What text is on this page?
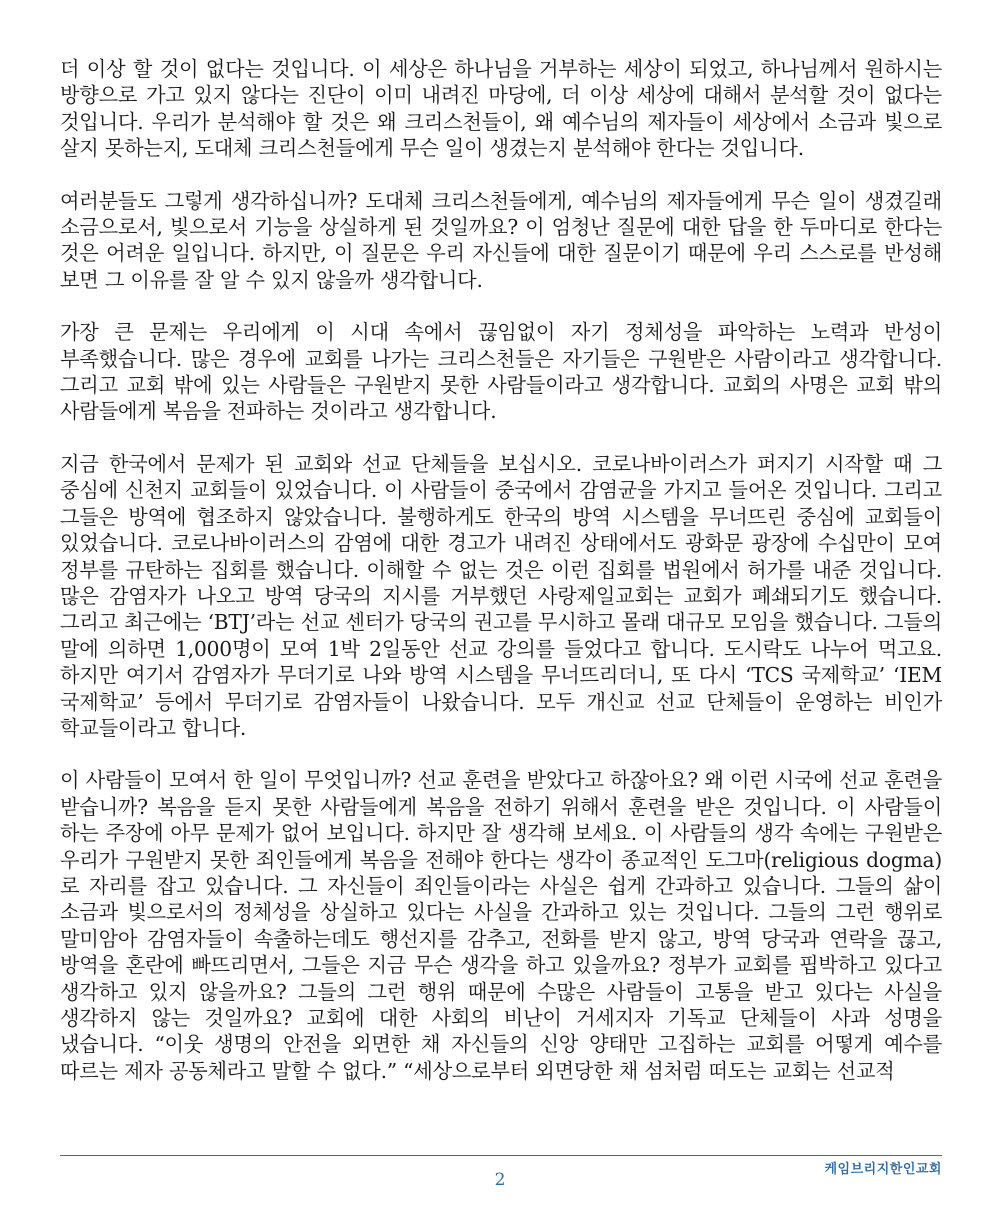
더 이상 할 것이 없다는 것입니다. 이 세상은 하나님을 거부하는 세상이 되었고, 하나님께서 원하시는 방향으로 가고 있지 않다는 진단이 이미 내려진 마당에, 더 이상 세상에 대해서 분석할 것이 없다는 것입니다. 우리가 분석해야 할 것은 왜 크리스천들이, 왜 예수님의 제자들이 세상에서 소금과 빛으로 살지 못하는지, 도대체 크리스천들에게 무슨 일이 생겼는지 분석해야 한다는 것입니다.

여러분들도 그렇게 생각하십니까? 도대체 크리스천들에게, 예수님의 제자들에게 무슨 일이 생겼길래 소금으로서, 빛으로서 기능을 상실하게 된 것일까요? 이 엄청난 질문에 대한 답을 한 두마디로 한다는 것은 어려운 일입니다. 하지만, 이 질문은 우리 자신들에 대한 질문이기 때문에 우리 스스로를 반성해 보면 그 이유를 잘 알 수 있지 않을까 생각합니다.

가장 큰 문제는 우리에게 이 시대 속에서 끊임없이 자기 정체성을 파악하는 노력과 반성이 부족했습니다. 많은 경우에 교회를 나가는 크리스천들은 자기들은 구원받은 사람이라고 생각합니다. 그리고 교회 밖에 있는 사람들은 구원받지 못한 사람들이라고 생각합니다. 교회의 사명은 교회 밖의 사람들에게 복음을 전파하는 것이라고 생각합니다.

지금 한국에서 문제가 된 교회와 선교 단체들을 보십시오. 코로나바이러스가 퍼지기 시작할 때 그 중심에 신천지 교회들이 있었습니다. 이 사람들이 중국에서 감염균을 가지고 들어온 것입니다. 그리고 그들은 방역에 협조하지 않았습니다. 불행하게도 한국의 방역 시스템을 무너뜨린 중심에 교회들이 있었습니다. 코로나바이러스의 감염에 대한 경고가 내려진 상태에서도 광화문 광장에 수십만이 모여 정부를 규탄하는 집회를 했습니다. 이해할 수 없는 것은 이런 집회를 법원에서 허가를 내준 것입니다. 많은 감염자가 나오고 방역 당국의 지시를 거부했던 사랑제일교회는 교회가 폐쇄되기도 했습니다. 그리고 최근에는 ‘BTJ’라는 선교 센터가 당국의 권고를 무시하고 몰래 대규모 모임을 했습니다. 그들의 말에 의하면 1,000명이 모여 1박 2일동안 선교 강의를 들었다고 합니다. 도시락도 나누어 먹고요. 하지만 여기서 감염자가 무더기로 나와 방역 시스템을 무너뜨리더니, 또 다시 ‘TCS 국제학교’ ‘IEM 국제학교’ 등에서 무더기로 감염자들이 나왔습니다. 모두 개신교 선교 단체들이 운영하는 비인가 학교들이라고 합니다.

이 사람들이 모여서 한 일이 무엇입니까? 선교 훈련을 받았다고 하잖아요? 왜 이런 시국에 선교 훈련을 받습니까? 복음을 듣지 못한 사람들에게 복음을 전하기 위해서 훈련을 받은 것입니다. 이 사람들이 하는 주장에 아무 문제가 없어 보입니다. 하지만 잘 생각해 보세요. 이 사람들의 생각 속에는 구원받은 우리가 구원받지 못한 죄인들에게 복음을 전해야 한다는 생각이 종교적인 도그마(religious dogma)로 자리를 잡고 있습니다. 그 자신들이 죄인들이라는 사실은 쉽게 간과하고 있습니다. 그들의 삶이 소금과 빛으로서의 정체성을 상실하고 있다는 사실을 간과하고 있는 것입니다. 그들의 그런 행위로 말미암아 감염자들이 속출하는데도 행선지를 감추고, 전화를 받지 않고, 방역 당국과 연락을 끊고, 방역을 혼란에 빠뜨리면서, 그들은 지금 무슨 생각을 하고 있을까요? 정부가 교회를 핍박하고 있다고 생각하고 있지 않을까요? 그들의 그런 행위 때문에 수많은 사람들이 고통을 받고 있다는 사실을 생각하지 않는 것일까요? 교회에 대한 사회의 비난이 거세지자 기독교 단체들이 사과 성명을 냈습니다. “이웃 생명의 안전을 외면한 채 자신들의 신앙 양태만 고집하는 교회를 어떻게 예수를 따르는 제자 공동체라고 말할 수 없다.” “세상으로부터 외면당한 채 섬처럼 떠도는 교회는 선교적

케임브리지한인교회
2
